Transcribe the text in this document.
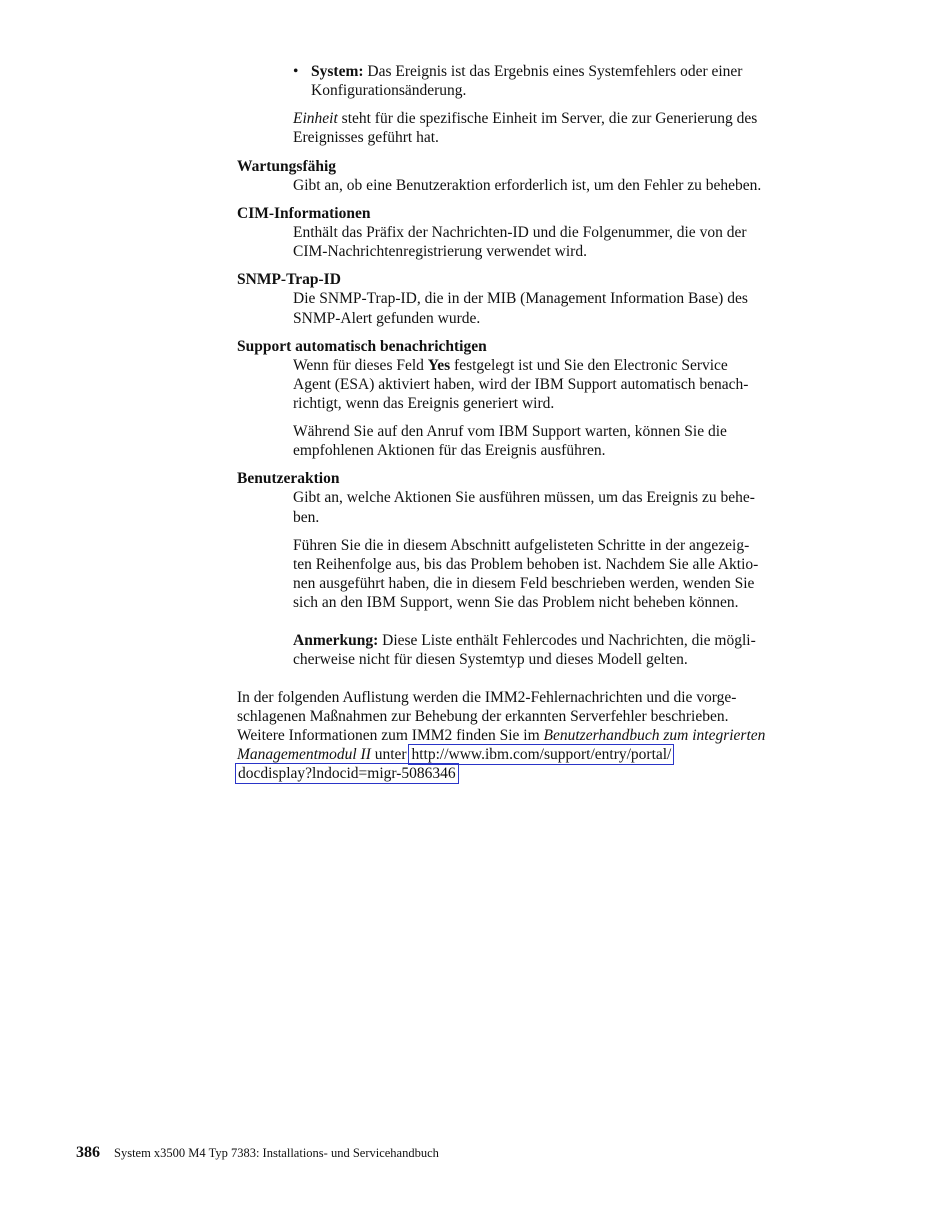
• System: Das Ereignis ist das Ergebnis eines Systemfehlers oder einer
Konfigurationsänderung.
Einheit steht für die spezifische Einheit im Server, die zur Generierung des
Ereignisses geführt hat.
Wartungsfähig
Gibt an, ob eine Benutzeraktion erforderlich ist, um den Fehler zu beheben.
CIM-Informationen
Enthält das Präfix der Nachrichten-ID und die Folgenummer, die von der
CIM-Nachrichtenregistrierung verwendet wird.
SNMP-Trap-ID
Die SNMP-Trap-ID, die in der MIB (Management Information Base) des
SNMP-Alert gefunden wurde.
Support automatisch benachrichtigen
Wenn für dieses Feld Yes festgelegt ist und Sie den Electronic Service
Agent (ESA) aktiviert haben, wird der IBM Support automatisch benach-
richtigt, wenn das Ereignis generiert wird.
Während Sie auf den Anruf vom IBM Support warten, können Sie die
empfohlenen Aktionen für das Ereignis ausführen.
Benutzeraktion
Gibt an, welche Aktionen Sie ausführen müssen, um das Ereignis zu behe-
ben.
Führen Sie die in diesem Abschnitt aufgelisteten Schritte in der angezeig-
ten Reihenfolge aus, bis das Problem behoben ist. Nachdem Sie alle Aktio-
nen ausgeführt haben, die in diesem Feld beschrieben werden, wenden Sie
sich an den IBM Support, wenn Sie das Problem nicht beheben können.
Anmerkung: Diese Liste enthält Fehlercodes und Nachrichten, die mögli-
cherweise nicht für diesen Systemtyp und dieses Modell gelten.
In der folgenden Auflistung werden die IMM2-Fehlernachrichten und die vorge-
schlagenen Maßnahmen zur Behebung der erkannten Serverfehler beschrieben.
Weitere Informationen zum IMM2 finden Sie im Benutzerhandbuch zum integrierten
Managementmodul II unter http://www.ibm.com/support/entry/portal/
docdisplay?lndocid=migr-5086346
386 System x3500 M4 Typ 7383: Installations- und Servicehandbuch
